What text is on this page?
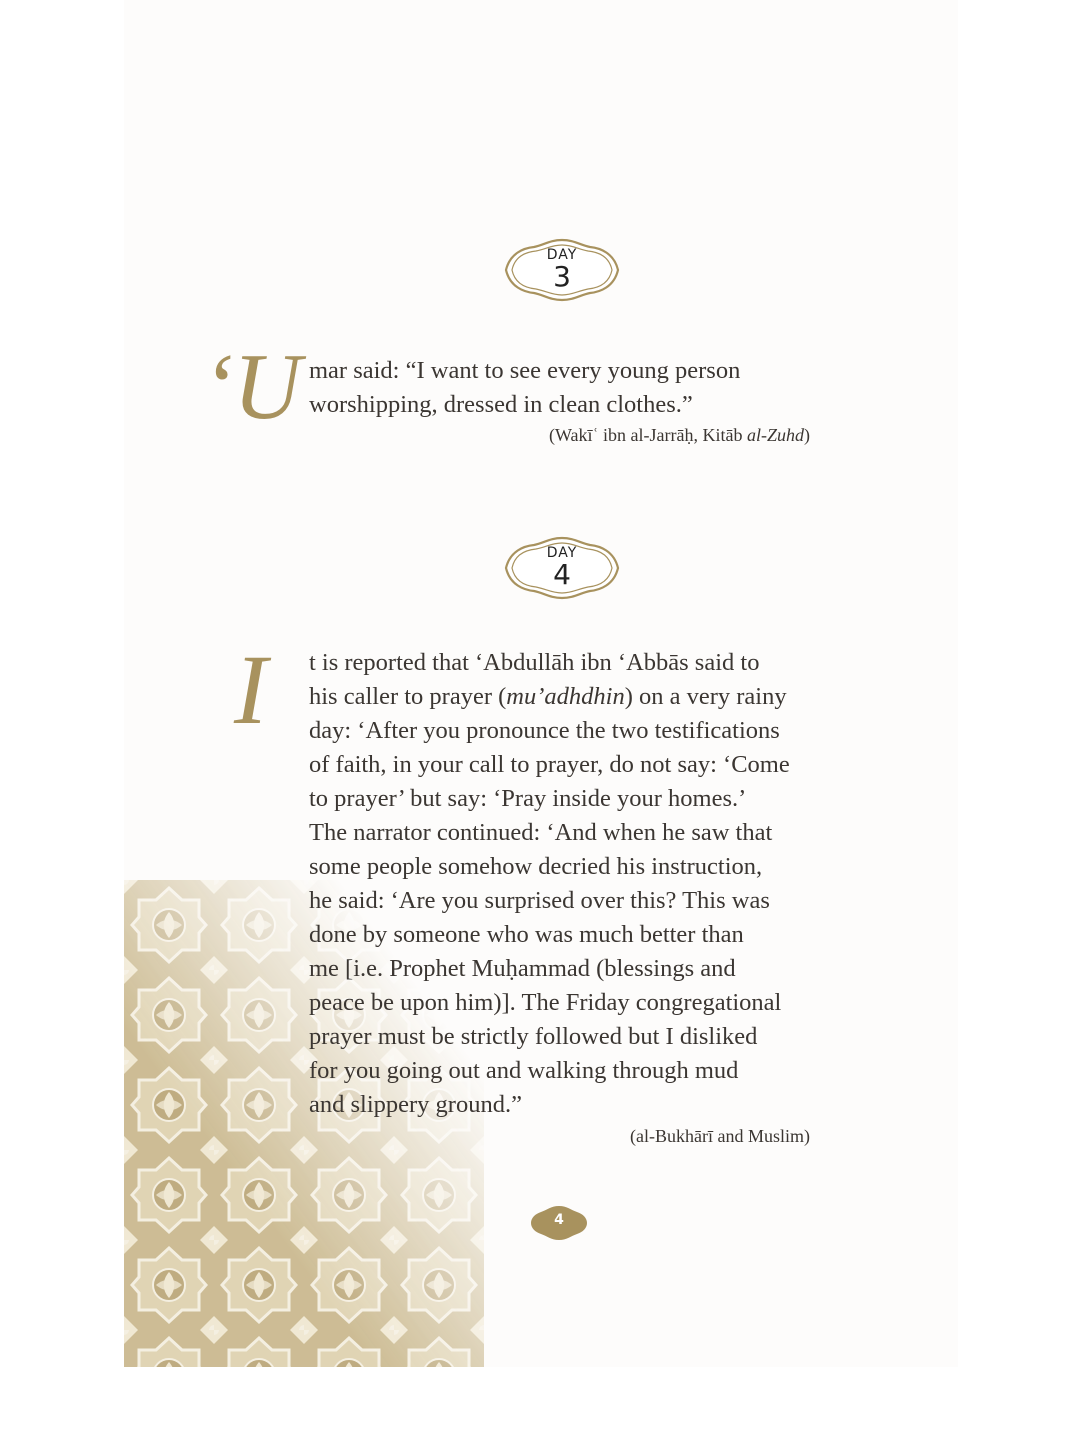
DAY
3
‘U mar said: “I want to see every young person
worshipping, dressed in clean clothes.”
(Wakīʿ ibn al-Jarrāḥ, Kitāb al-Zuhd)
DAY
4
I t is reported that ‘Abdullāh ibn ‘Abbās said to
his caller to prayer (mu’adhdhin) on a very rainy
day: ‘After you pronounce the two testifications
of faith, in your call to prayer, do not say: ‘Come
to prayer’ but say: ‘Pray inside your homes.’
The narrator continued: ‘And when he saw that
some people somehow decried his instruction,
he said: ‘Are you surprised over this? This was
done by someone who was much better than
me [i.e. Prophet Muḥammad (blessings and
peace be upon him)]. The Friday congregational
prayer must be strictly followed but I disliked
for you going out and walking through mud
and slippery ground.”
(al-Bukhārī and Muslim)
4
